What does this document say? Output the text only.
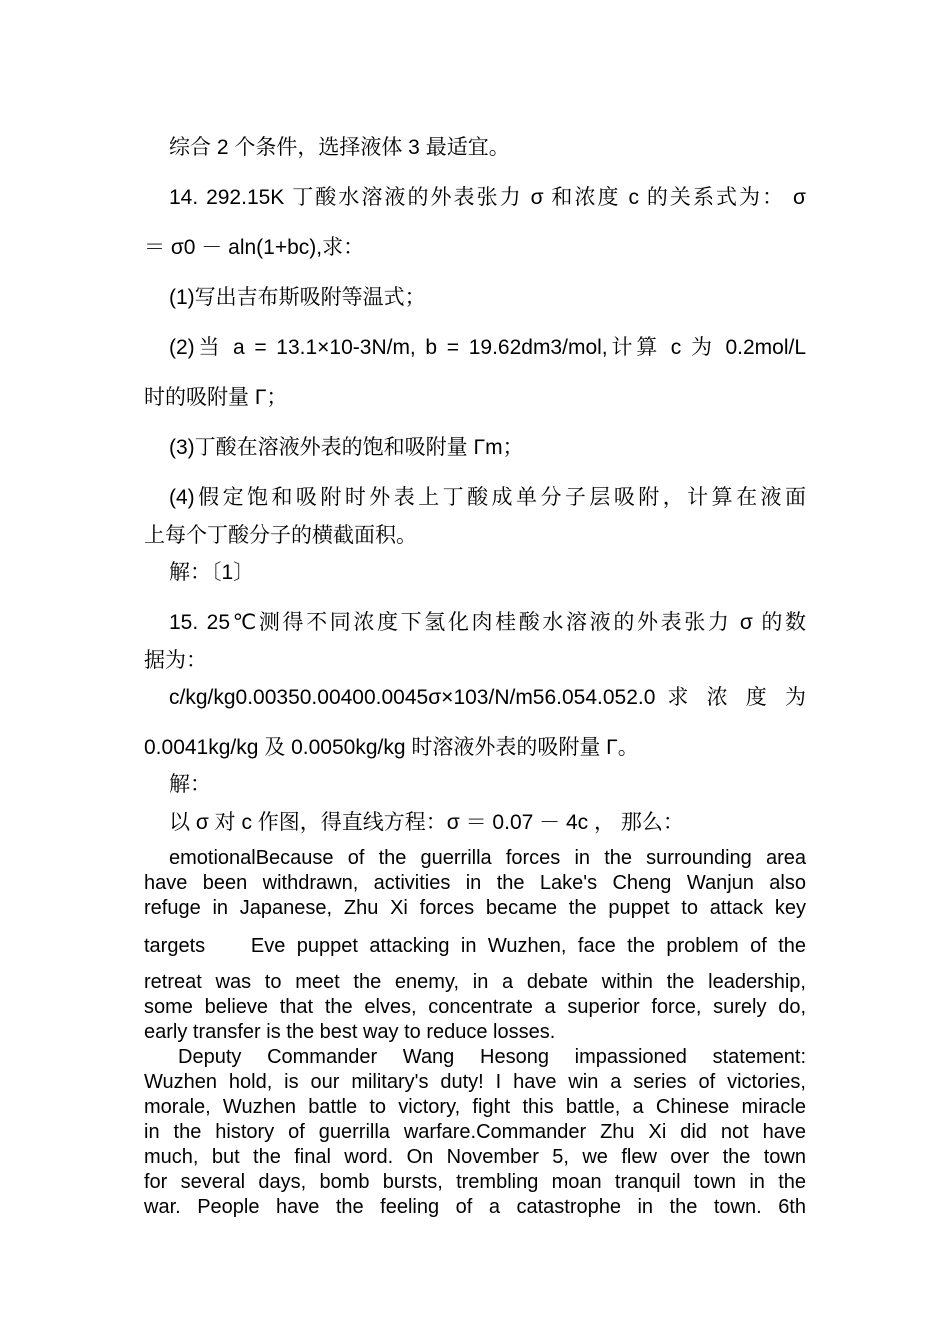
综合 2 个条件，选择液体 3 最适宜。

14. 292.15K 丁酸水溶液的外表张力 σ 和浓度 c 的关系式为： σ

＝ σ0 － aln(1+bc),求：

(1)写出吉布斯吸附等温式；

(2)当 a = 13.1×10-3N/m, b = 19.62dm3/mol,计算 c 为 0.2mol/L

时的吸附量 Γ；

(3)丁酸在溶液外表的饱和吸附量 Γm；

(4)假定饱和吸附时外表上丁酸成单分子层吸附，计算在液面

上每个丁酸分子的横截面积。

解：〔1〕

15. 25℃测得不同浓度下氢化肉桂酸水溶液的外表张力 σ 的数

据为：

c/kg/kg0.00350.00400.0045σ×103/N/m56.054.052.0 求 浓 度 为

0.0041kg/kg 及 0.0050kg/kg 时溶液外表的吸附量 Γ。

解：

以 σ 对 c 作图，得直线方程：σ ＝ 0.07 － 4c ， 那么：

emotionalBecause of the guerrilla forces in the surrounding area

have been withdrawn, activities in the Lake's Cheng Wanjun also

refuge in Japanese, Zhu Xi forces became the puppet to attack key

targets    Eve puppet attacking in Wuzhen, face the problem of the

retreat was to meet the enemy, in a debate within the leadership,

some believe that the elves, concentrate a superior force, surely do,

early transfer is the best way to reduce losses.

Deputy Commander Wang Hesong impassioned statement:

Wuzhen hold, is our military's duty! I have win a series of victories,

morale, Wuzhen battle to victory, fight this battle, a Chinese miracle

in the history of guerrilla warfare.Commander Zhu Xi did not have

much, but the final word. On November 5, we flew over the town

for several days, bomb bursts, trembling moan tranquil town in the

war. People have the feeling of a catastrophe in the town. 6th
